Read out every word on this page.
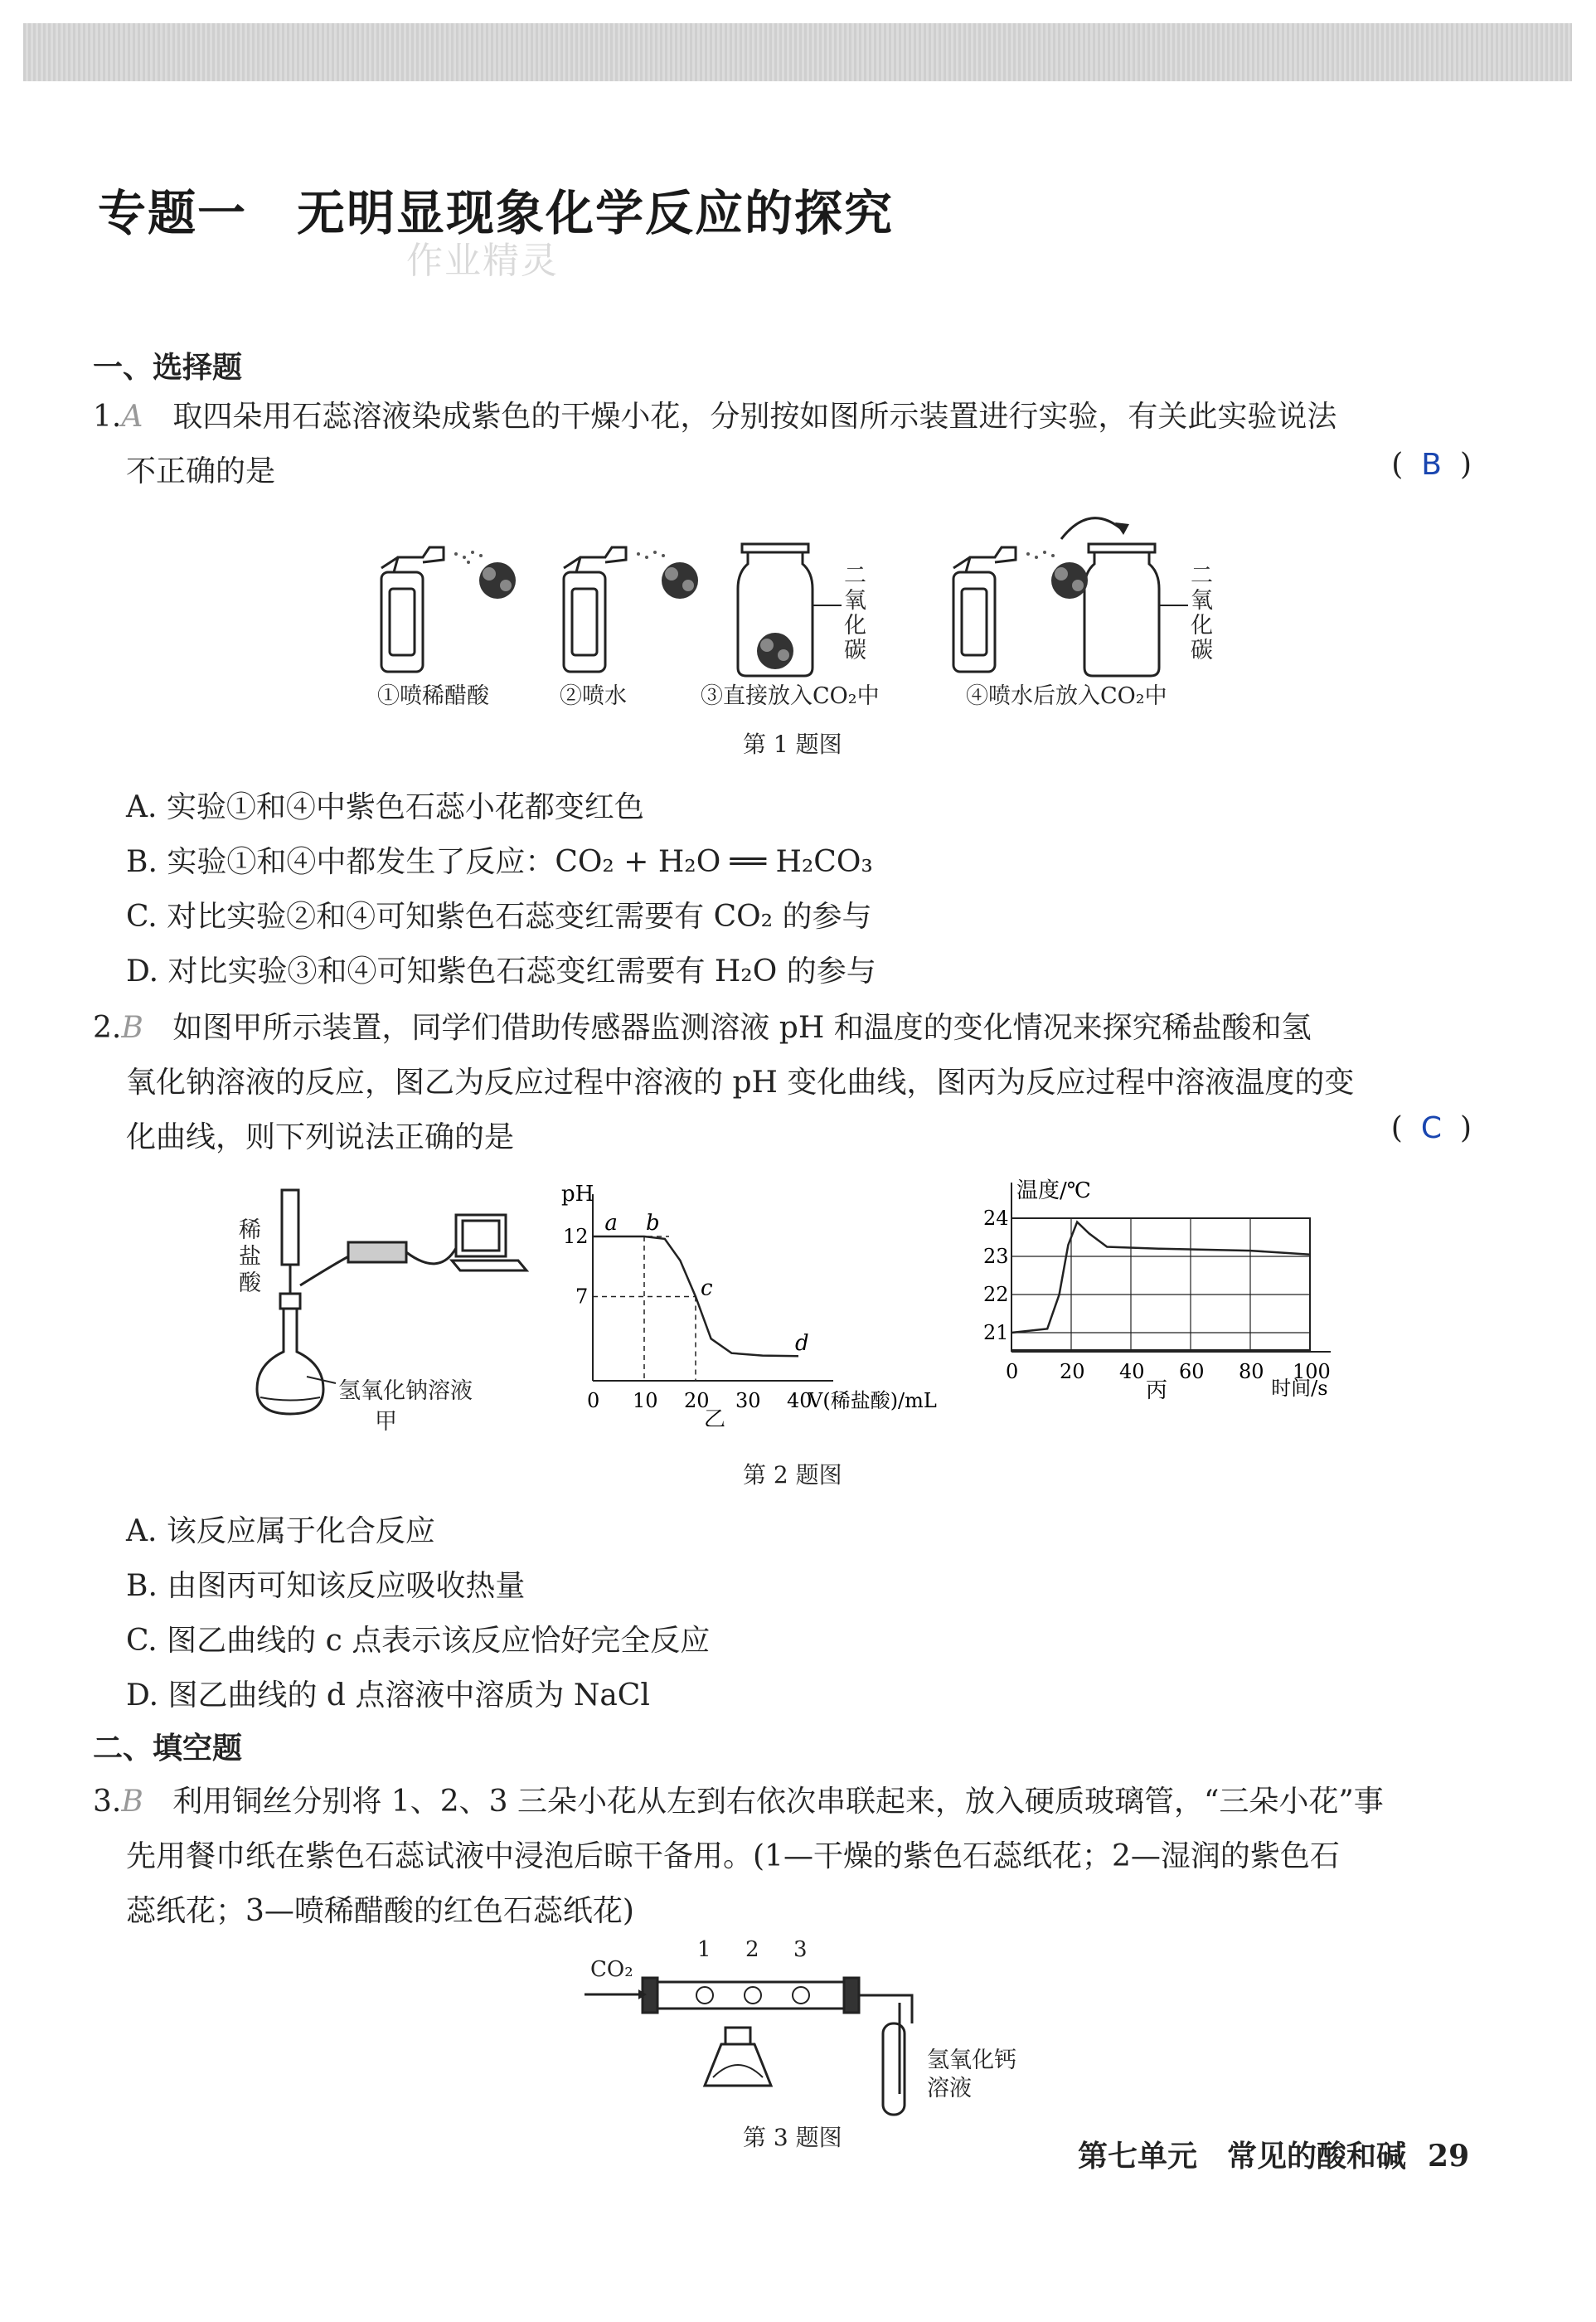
专题一　无明显现象化学反应的探究
作业精灵
一、选择题
1.A 取四朵用石蕊溶液染成紫色的干燥小花，分别按如图所示装置进行实验，有关此实验说法
不正确的是	( B )
二氧化碳
二氧化碳
①喷稀醋酸	②喷水	③直接放入CO₂中	④喷水后放入CO₂中
第 1 题图
A. 实验①和④中紫色石蕊小花都变红色
B. 实验①和④中都发生了反应：CO₂ + H₂O ══ H₂CO₃
C. 对比实验②和④可知紫色石蕊变红需要有 CO₂ 的参与
D. 对比实验③和④可知紫色石蕊变红需要有 H₂O 的参与
2.B 如图甲所示装置，同学们借助传感器监测溶液 pH 和温度的变化情况来探究稀盐酸和氢
氧化钠溶液的反应，图乙为反应过程中溶液的 pH 变化曲线，图丙为反应过程中溶液温度的变
化曲线，则下列说法正确的是	( C )
稀盐酸
氢氧化钠溶液
甲
pH
0 10 20 30 40
7
12
a b
c
d
V(稀盐酸)/mL
乙
温度/℃
21
22
23
24
0 20 40 60 80 100
时间/s
丙
第 2 题图
A. 该反应属于化合反应
B. 由图丙可知该反应吸收热量
C. 图乙曲线的 c 点表示该反应恰好完全反应
D. 图乙曲线的 d 点溶液中溶质为 NaCl
二、填空题
3.B 利用铜丝分别将 1、2、3 三朵小花从左到右依次串联起来，放入硬质玻璃管，“三朵小花”事
先用餐巾纸在紫色石蕊试液中浸泡后晾干备用。(1—干燥的紫色石蕊纸花；2—湿润的紫色石
蕊纸花；3—喷稀醋酸的红色石蕊纸花)
CO₂
1 2 3
氢氧化钙溶液
第 3 题图
第七单元　常见的酸和碱 29
